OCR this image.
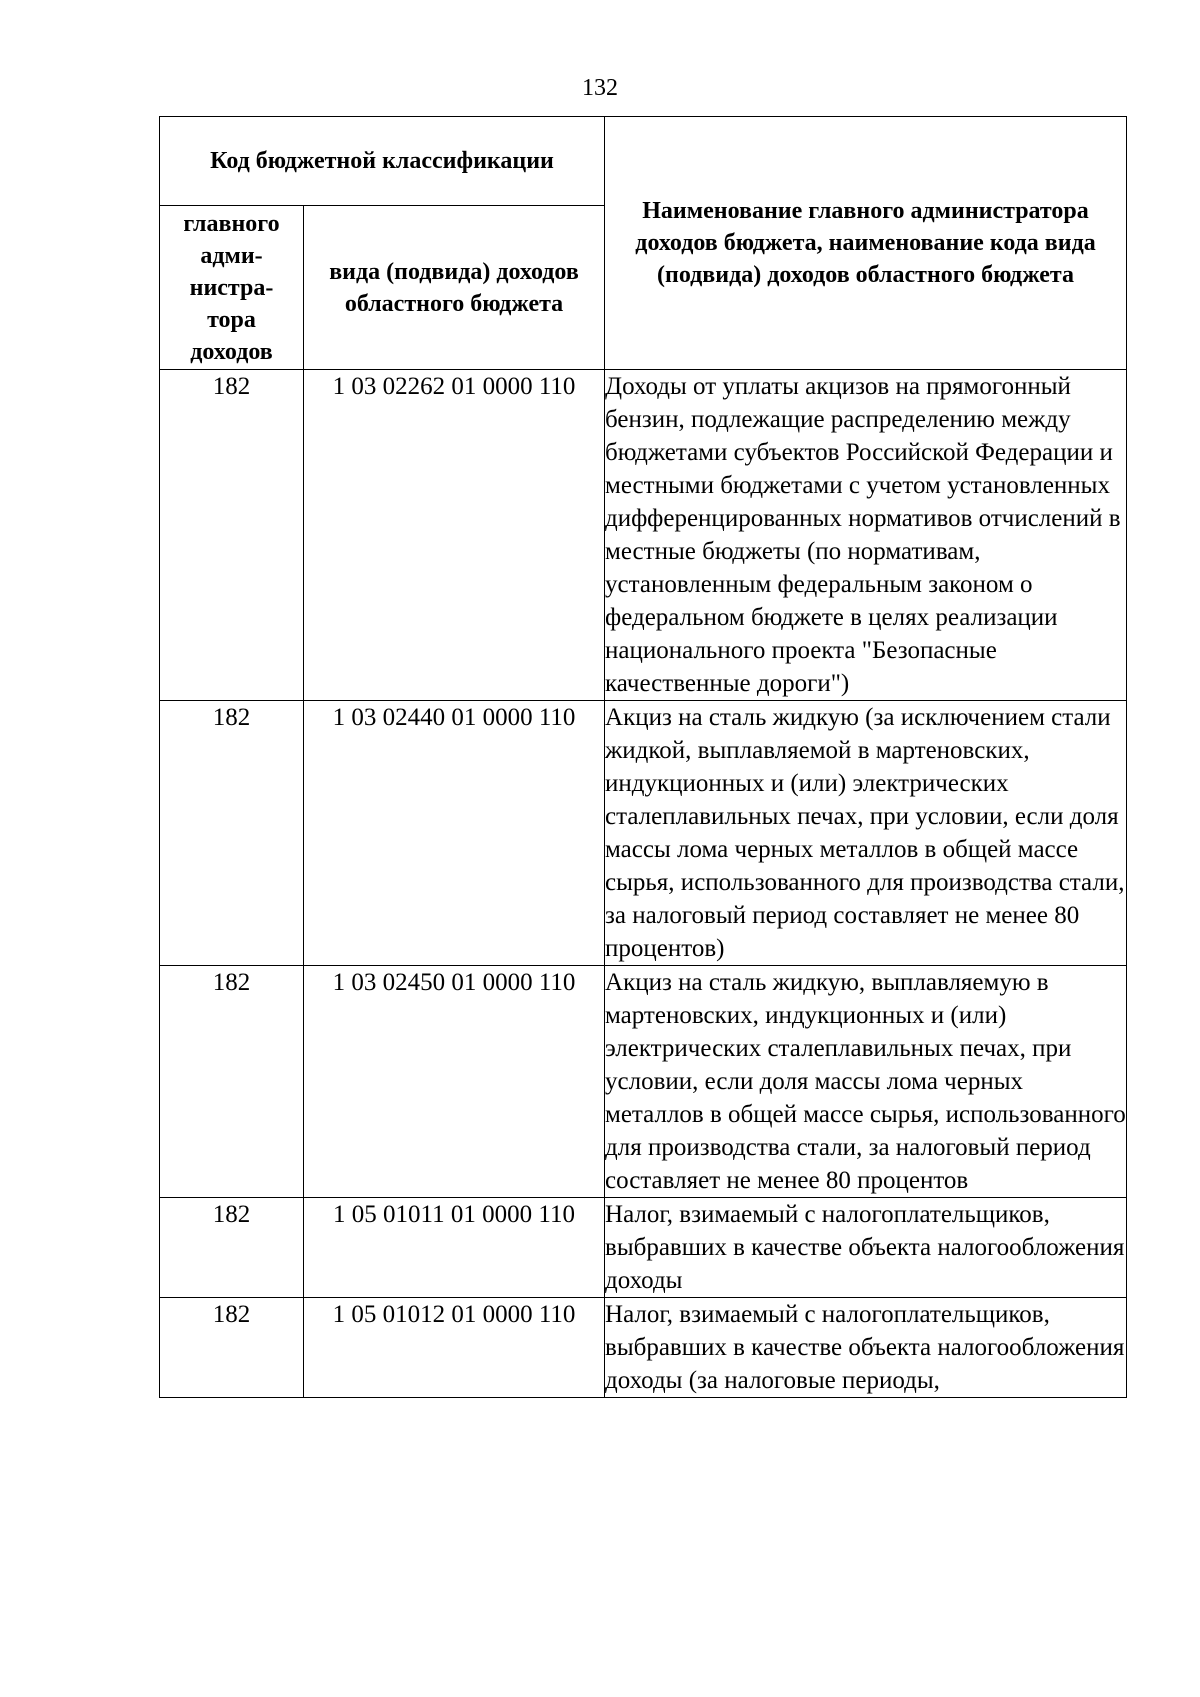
132
Код бюджетной классификации		Наименование главного администратора доходов бюджета, наименование кода вида (подвида) доходов областного бюджета

главного адми-нистра-тора доходов	вида (подвида) доходов областного бюджета	
182	1 03 02262 01 0000 110	Доходы от уплаты акцизов на прямогонный бензин, подлежащие распределению между бюджетами субъектов Российской Федерации и местными бюджетами с учетом установленных дифференцированных нормативов отчислений в местные бюджеты (по нормативам, установленным федеральным законом о федеральном бюджете в целях реализации национального проекта "Безопасные качественные дороги")
182	1 03 02440 01 0000 110	Акциз на сталь жидкую (за исключением стали жидкой, выплавляемой в мартеновских, индукционных и (или) электрических сталеплавильных печах, при условии, если доля массы лома черных металлов в общей массе сырья, использованного для производства стали, за налоговый период составляет не менее 80 процентов)
182	1 03 02450 01 0000 110	Акциз на сталь жидкую, выплавляемую в мартеновских, индукционных и (или) электрических сталеплавильных печах, при условии, если доля массы лома черных металлов в общей массе сырья, использованного для производства стали, за налоговый период составляет не менее 80 процентов
182	1 05 01011 01 0000 110	Налог, взимаемый с налогоплательщиков, выбравших в качестве объекта налогообложения доходы
182	1 05 01012 01 0000 110	Налог, взимаемый с налогоплательщиков, выбравших в качестве объекта налогообложения доходы (за налоговые периоды,
